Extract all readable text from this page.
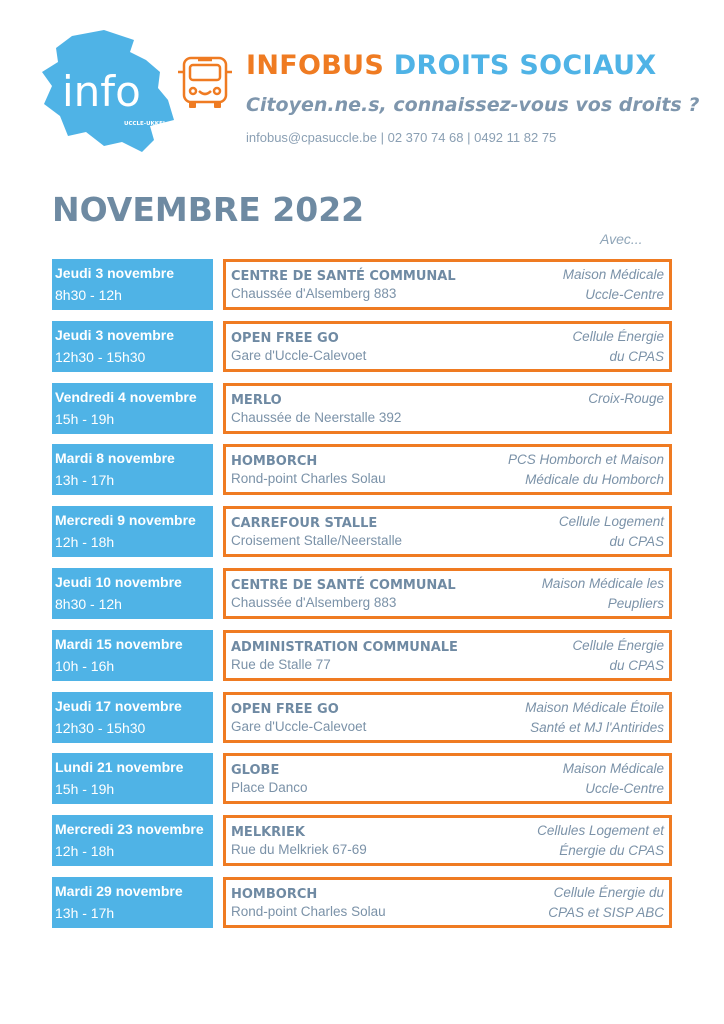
info
UCCLE-UKKEL
INFOBUS DROITS SOCIAUX
Citoyen.ne.s, connaissez-vous vos droits ?
infobus@cpasuccle.be | 02 370 74 68 | 0492 11 82 75
NOVEMBRE 2022
Avec...
Jeudi 3 novembre
8h30 - 12h
CENTRE DE SANTÉ COMMUNAL
Chaussée d'Alsemberg 883
Maison Médicale
Uccle-Centre
Jeudi 3 novembre
12h30 - 15h30
OPEN FREE GO
Gare d'Uccle-Calevoet
Cellule Énergie
du CPAS
Vendredi 4 novembre
15h - 19h
MERLO
Chaussée de Neerstalle 392
Croix-Rouge
Mardi 8 novembre
13h - 17h
HOMBORCH
Rond-point Charles Solau
PCS Homborch et Maison
Médicale du Homborch
Mercredi 9 novembre
12h - 18h
CARREFOUR STALLE
Croisement Stalle/Neerstalle
Cellule Logement
du CPAS
Jeudi 10 novembre
8h30 - 12h
CENTRE DE SANTÉ COMMUNAL
Chaussée d'Alsemberg 883
Maison Médicale les
Peupliers
Mardi 15 novembre
10h - 16h
ADMINISTRATION COMMUNALE
Rue de Stalle 77
Cellule Énergie
du CPAS
Jeudi 17 novembre
12h30 - 15h30
OPEN FREE GO
Gare d'Uccle-Calevoet
Maison Médicale Étoile
Santé et MJ l'Antirides
Lundi 21 novembre
15h - 19h
GLOBE
Place Danco
Maison Médicale
Uccle-Centre
Mercredi 23 novembre
12h - 18h
MELKRIEK
Rue du Melkriek 67-69
Cellules Logement et
Énergie du CPAS
Mardi 29 novembre
13h - 17h
HOMBORCH
Rond-point Charles Solau
Cellule Énergie du
CPAS et SISP ABC
